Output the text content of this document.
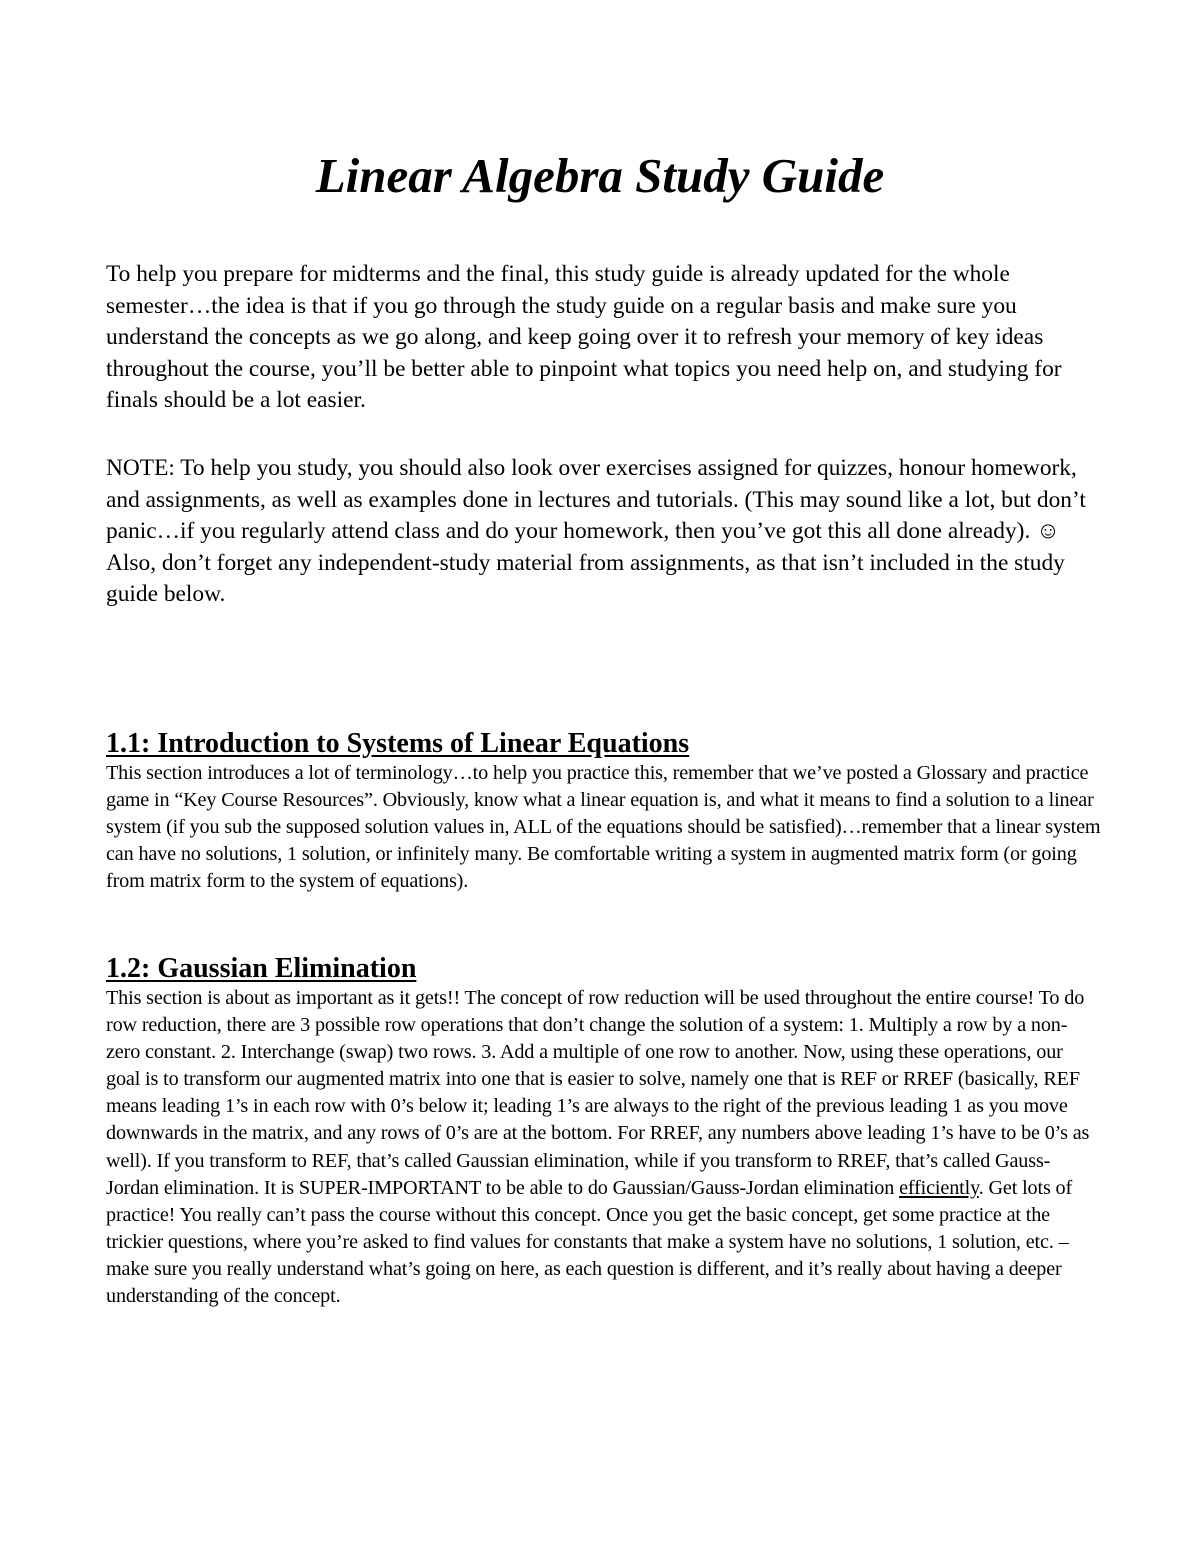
Linear Algebra Study Guide

To help you prepare for midterms and the final, this study guide is already updated for the whole semester…the idea is that if you go through the study guide on a regular basis and make sure you understand the concepts as we go along, and keep going over it to refresh your memory of key ideas throughout the course, you’ll be better able to pinpoint what topics you need help on, and studying for finals should be a lot easier.

NOTE: To help you study, you should also look over exercises assigned for quizzes, honour homework, and assignments, as well as examples done in lectures and tutorials. (This may sound like a lot, but don’t panic…if you regularly attend class and do your homework, then you’ve got this all done already). ☺ Also, don’t forget any independent-study material from assignments, as that isn’t included in the study guide below.

1.1: Introduction to Systems of Linear Equations

This section introduces a lot of terminology…to help you practice this, remember that we’ve posted a Glossary and practice game in “Key Course Resources”. Obviously, know what a linear equation is, and what it means to find a solution to a linear system (if you sub the supposed solution values in, ALL of the equations should be satisfied)…remember that a linear system can have no solutions, 1 solution, or infinitely many. Be comfortable writing a system in augmented matrix form (or going from matrix form to the system of equations).

1.2: Gaussian Elimination

This section is about as important as it gets!! The concept of row reduction will be used throughout the entire course! To do row reduction, there are 3 possible row operations that don’t change the solution of a system: 1. Multiply a row by a non-zero constant. 2. Interchange (swap) two rows. 3. Add a multiple of one row to another. Now, using these operations, our goal is to transform our augmented matrix into one that is easier to solve, namely one that is REF or RREF (basically, REF means leading 1’s in each row with 0’s below it; leading 1’s are always to the right of the previous leading 1 as you move downwards in the matrix, and any rows of 0’s are at the bottom. For RREF, any numbers above leading 1’s have to be 0’s as well). If you transform to REF, that’s called Gaussian elimination, while if you transform to RREF, that’s called Gauss-Jordan elimination. It is SUPER-IMPORTANT to be able to do Gaussian/Gauss-Jordan elimination efficiently. Get lots of practice! You really can’t pass the course without this concept. Once you get the basic concept, get some practice at the trickier questions, where you’re asked to find values for constants that make a system have no solutions, 1 solution, etc. – make sure you really understand what’s going on here, as each question is different, and it’s really about having a deeper understanding of the concept.
